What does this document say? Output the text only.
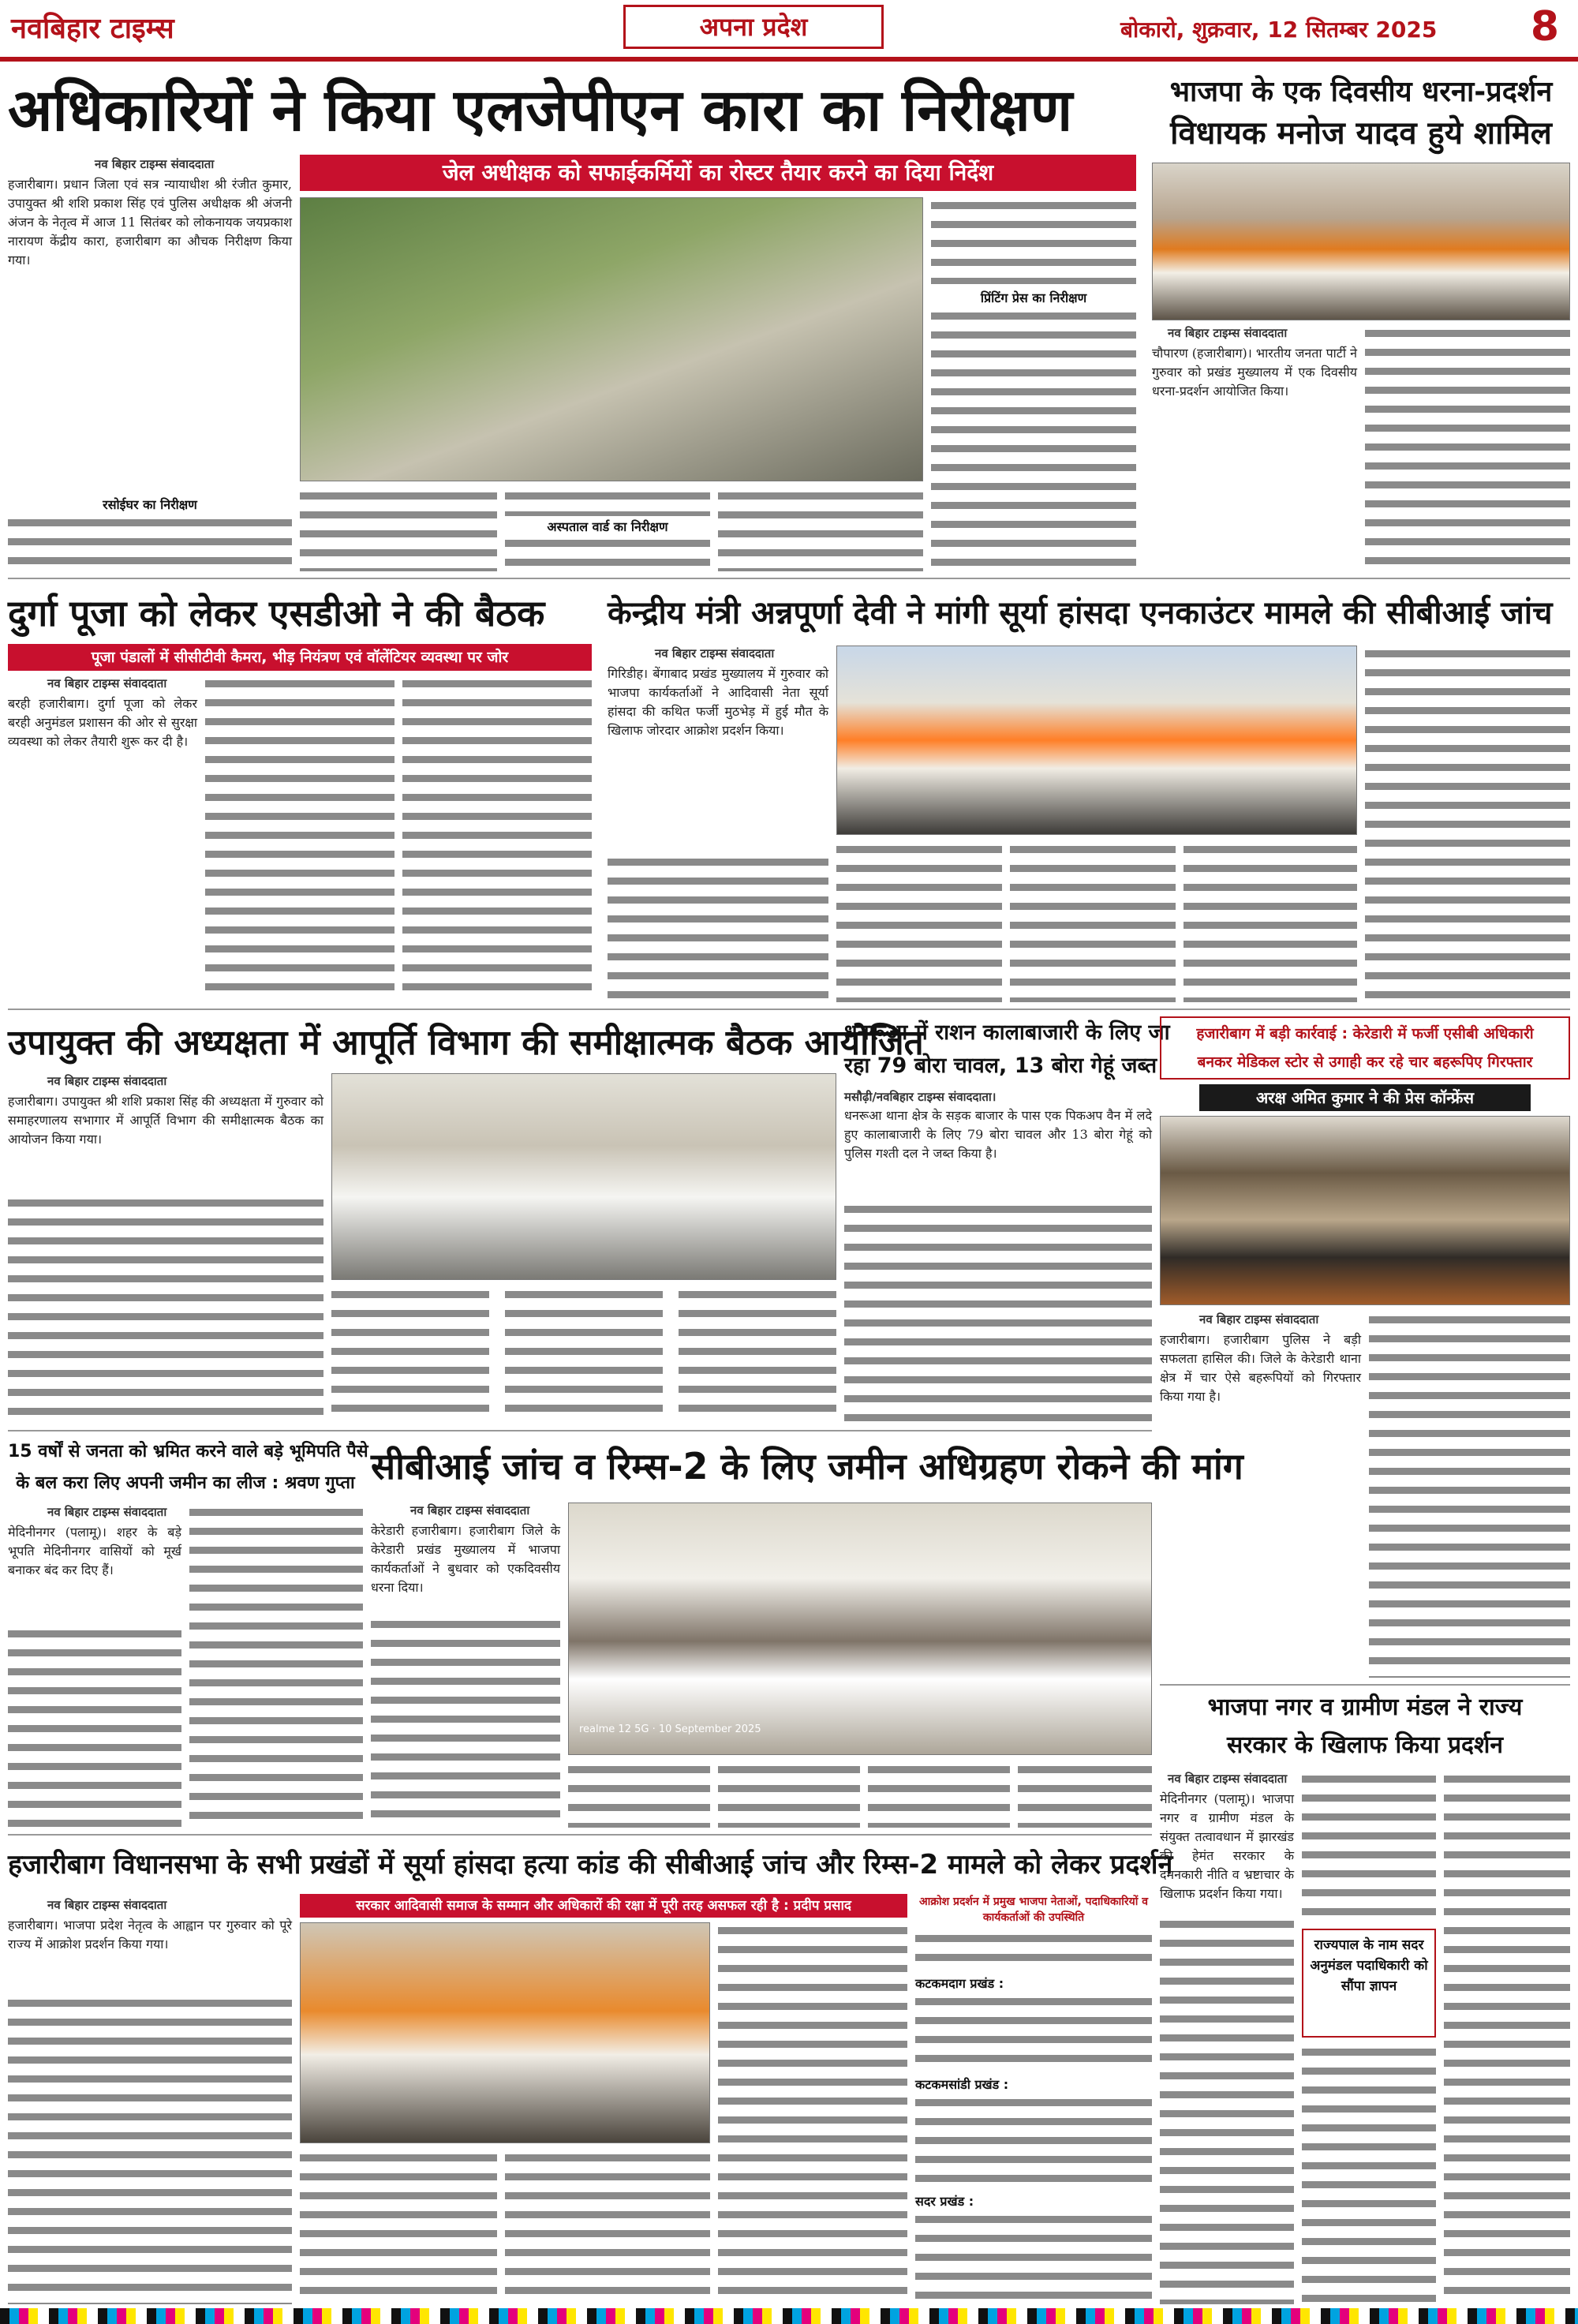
नवबिहार टाइम्स	अपना प्रदेश	बोकारो, शुक्रवार, 12 सितम्बर 2025 8
अधिकारियों ने किया एलजेपीएन कारा का निरीक्षण
जेल अधीक्षक को सफाईकर्मियों का रोस्टर तैयार करने का दिया निर्देश
नव बिहार टाइम्स संवाददाता
हजारीबाग। प्रधान जिला एवं सत्र न्यायाधीश श्री रंजीत कुमार, उपायुक्त श्री शशि प्रकाश सिंह एवं पुलिस अधीक्षक श्री अंजनी अंजन के नेतृत्व में आज 11 सितंबर को लोकनायक जयप्रकाश नारायण केंद्रीय कारा, हजारीबाग का औचक निरीक्षण किया गया।
रसोईघर का निरीक्षण
अस्पताल वार्ड का निरीक्षण
प्रिंटिंग प्रेस का निरीक्षण
भाजपा के एक दिवसीय धरना-प्रदर्शन
विधायक मनोज यादव हुये शामिल
नव बिहार टाइम्स संवाददाता
चौपारण (हजारीबाग)। भारतीय जनता पार्टी ने गुरुवार को प्रखंड मुख्यालय में एक दिवसीय धरना-प्रदर्शन आयोजित किया।
दुर्गा पूजा को लेकर एसडीओ ने की बैठक
पूजा पंडालों में सीसीटीवी कैमरा, भीड़ नियंत्रण एवं वॉलेंटियर व्यवस्था पर जोर
नव बिहार टाइम्स संवाददाता
बरही हजारीबाग। दुर्गा पूजा को लेकर बरही अनुमंडल प्रशासन की ओर से सुरक्षा व्यवस्था को लेकर तैयारी शुरू कर दी है।
केन्द्रीय मंत्री अन्नपूर्णा देवी ने मांगी सूर्या हांसदा एनकाउंटर मामले की सीबीआई जांच
नव बिहार टाइम्स संवाददाता
गिरिडीह। बेंगाबाद प्रखंड मुख्यालय में गुरुवार को भाजपा कार्यकर्ताओं ने आदिवासी नेता सूर्या हांसदा की कथित फर्जी मुठभेड़ में हुई मौत के खिलाफ जोरदार आक्रोश प्रदर्शन किया।
उपायुक्त की अध्यक्षता में आपूर्ति विभाग की समीक्षात्मक बैठक आयोजित
नव बिहार टाइम्स संवाददाता
हजारीबाग। उपायुक्त श्री शशि प्रकाश सिंह की अध्यक्षता में गुरुवार को समाहरणालय सभागार में आपूर्ति विभाग की समीक्षात्मक बैठक का आयोजन किया गया।
धनरूआ में राशन कालाबाजारी के लिए जा
रहा 79 बोरा चावल, 13 बोरा गेहूं जब्त
मसौढ़ी/नवबिहार टाइम्स संवाददाता।
धनरूआ थाना क्षेत्र के सड़क बाजार के पास एक पिकअप वैन में लदे हुए कालाबाजारी के लिए 79 बोरा चावल और 13 बोरा गेहूं को पुलिस गश्ती दल ने जब्त किया है।
हजारीबाग में बड़ी कार्रवाई : केरेडारी में फर्जी एसीबी अधिकारी
बनकर मेडिकल स्टोर से उगाही कर रहे चार बहरूपिए गिरफ्तार
अरक्ष अमित कुमार ने की प्रेस कॉन्फ्रेंस
नव बिहार टाइम्स संवाददाता
हजारीबाग। हजारीबाग पुलिस ने बड़ी सफलता हासिल की। जिले के केरेडारी थाना क्षेत्र में चार ऐसे बहरूपियों को गिरफ्तार किया गया है।
15 वर्षों से जनता को भ्रमित करने वाले बड़े भूमिपति पैसे
के बल करा लिए अपनी जमीन का लीज : श्रवण गुप्ता
नव बिहार टाइम्स संवाददाता
मेदिनीनगर (पलामू)। शहर के बड़े भूपति मेदिनीनगर वासियों को मूर्ख बनाकर बंद कर दिए हैं।
सीबीआई जांच व रिम्स-2 के लिए जमीन अधिग्रहण रोकने की मांग
नव बिहार टाइम्स संवाददाता
केरेडारी हजारीबाग। हजारीबाग जिले के केरेडारी प्रखंड मुख्यालय में भाजपा कार्यकर्ताओं ने बुधवार को एकदिवसीय धरना दिया।
realme 12 5G · 10 September 2025
हजारीबाग विधानसभा के सभी प्रखंडों में सूर्या हांसदा हत्या कांड की सीबीआई जांच और रिम्स-2 मामले को लेकर प्रदर्शन
सरकार आदिवासी समाज के सम्मान और अधिकारों की रक्षा में पूरी तरह असफल रही है : प्रदीप प्रसाद
नव बिहार टाइम्स संवाददाता
हजारीबाग। भाजपा प्रदेश नेतृत्व के आह्वान पर गुरुवार को पूरे राज्य में आक्रोश प्रदर्शन किया गया।
आक्रोश प्रदर्शन में प्रमुख भाजपा नेताओं, पदाधिकारियों व कार्यकर्ताओं की उपस्थिति
कटकमदाग प्रखंड :
कटकमसांडी प्रखंड :
सदर प्रखंड :
भाजपा नगर व ग्रामीण मंडल ने राज्य
सरकार के खिलाफ किया प्रदर्शन
नव बिहार टाइम्स संवाददाता
मेदिनीनगर (पलामू)। भाजपा नगर व ग्रामीण मंडल के संयुक्त तत्वावधान में झारखंड की हेमंत सरकार के दमनकारी नीति व भ्रष्टाचार के खिलाफ प्रदर्शन किया गया।
राज्यपाल के नाम सदर अनुमंडल पदाधिकारी को सौंपा ज्ञापन
